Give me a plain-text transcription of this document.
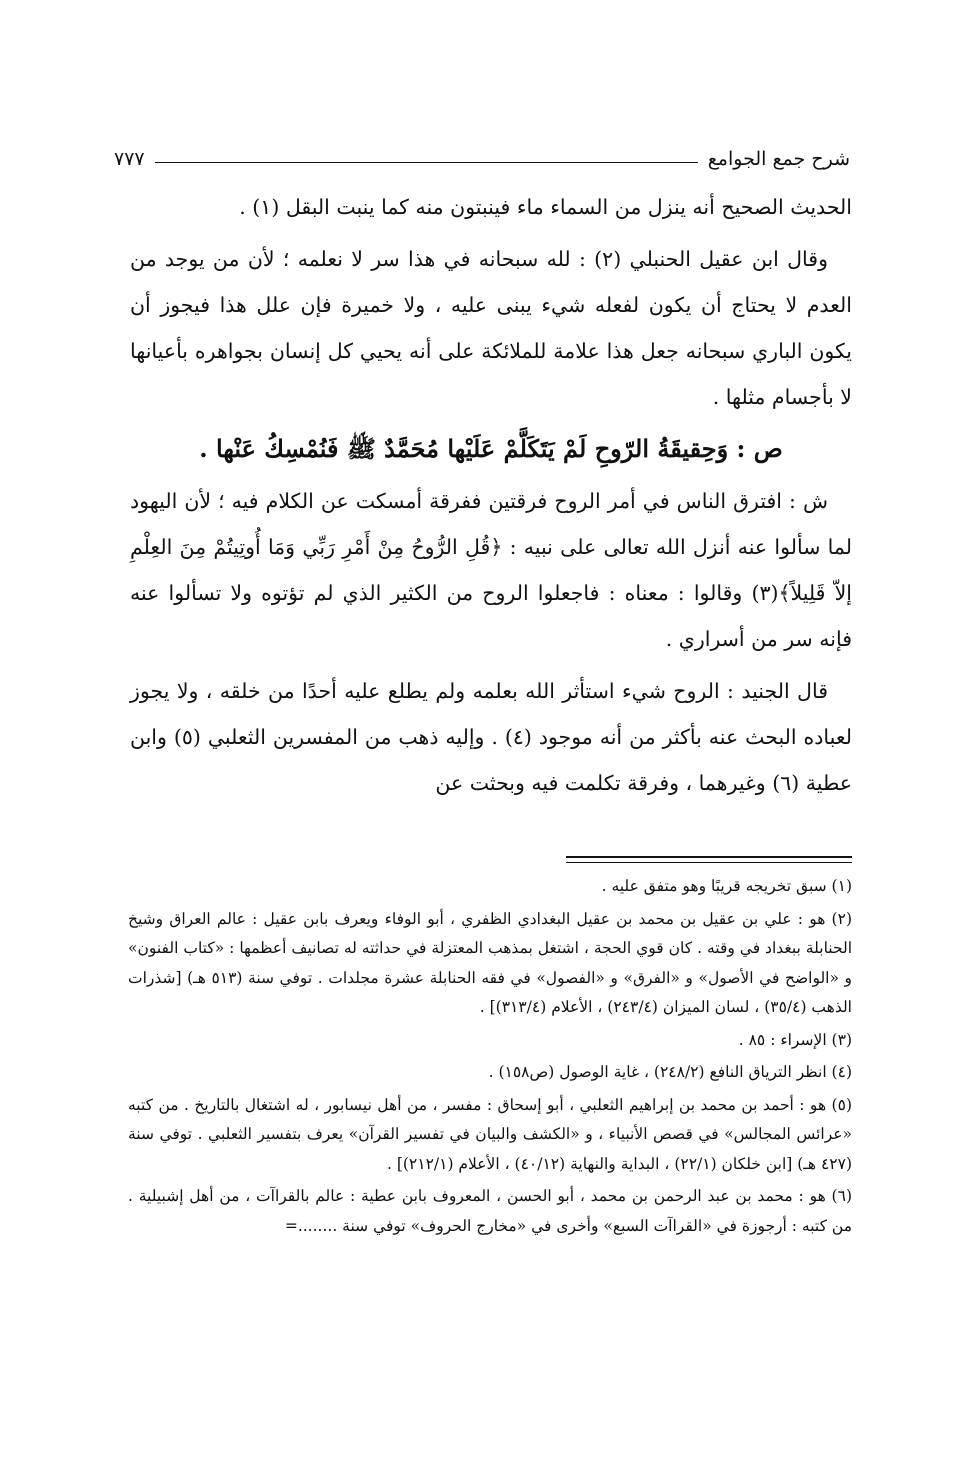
شرح جمع الجوامع
٧٧٧

الحديث الصحيح أنه ينزل من السماء ماء فينبتون منه كما ينبت البقل (١) .

وقال ابن عقيل الحنبلي (٢) : لله سبحانه في هذا سر لا نعلمه ؛ لأن من يوجد من العدم لا يحتاج أن يكون لفعله شيء يبنى عليه ، ولا خميرة فإن علل هذا فيجوز أن يكون الباري سبحانه جعل هذا علامة للملائكة على أنه يحيي كل إنسان بجواهره بأعيانها لا بأجسام مثلها .

ص : وَحِقيقَةُ الرّوحِ لَمْ يَتَكَلَّمْ عَلَيْها مُحَمَّدٌ ﷺ فَنُمْسِكُ عَنْها .

ش : افترق الناس في أمر الروح فرقتين ففرقة أمسكت عن الكلام فيه ؛ لأن اليهود لما سألوا عنه أنزل الله تعالى على نبيه : ﴿قُلِ الرُّوحُ مِنْ أَمْرِ رَبِّي وَمَا أُوتِيتُمْ مِنَ العِلْمِ إلاّ قَلِيلاً﴾(٣) وقالوا : معناه : فاجعلوا الروح من الكثير الذي لم تؤتوه ولا تسألوا عنه فإنه سر من أسراري .

قال الجنيد : الروح شيء استأثر الله بعلمه ولم يطلع عليه أحدًا من خلقه ، ولا يجوز لعباده البحث عنه بأكثر من أنه موجود (٤) . وإليه ذهب من المفسرين الثعلبي (٥) وابن عطية (٦) وغيرهما ، وفرقة تكلمت فيه وبحثت عن

(١) سبق تخريجه قريبًا وهو متفق عليه .

(٢) هو : علي بن عقيل بن محمد بن عقيل البغدادي الظفري ، أبو الوفاء ويعرف بابن عقيل : عالم العراق وشيخ الحنابلة ببغداد في وقته . كان قوي الحجة ، اشتغل بمذهب المعتزلة في حداثته له تصانيف أعظمها : «كتاب الفنون» و «الواضح في الأصول» و «الفرق» و «الفصول» في فقه الحنابلة عشرة مجلدات . توفي سنة (٥١٣ هـ) [شذرات الذهب (٣٥/٤) ، لسان الميزان (٢٤٣/٤) ، الأعلام (٣١٣/٤)] .

(٣) الإسراء : ٨٥ .

(٤) انظر الترياق النافع (٢٤٨/٢) ، غاية الوصول (ص١٥٨) .

(٥) هو : أحمد بن محمد بن إبراهيم الثعلبي ، أبو إسحاق : مفسر ، من أهل نيسابور ، له اشتغال بالتاريخ . من كتبه «عرائس المجالس» في قصص الأنبياء ، و «الكشف والبيان في تفسير القرآن» يعرف بتفسير الثعلبي . توفي سنة (٤٢٧ هـ) [ابن خلكان (٢٢/١) ، البداية والنهاية (٤٠/١٢) ، الأعلام (٢١٢/١)] .

(٦) هو : محمد بن عبد الرحمن بن محمد ، أبو الحسن ، المعروف بابن عطية : عالم بالقراآت ، من أهل إشبيلية . من كتبه : أرجوزة في «القراآت السبع» وأخرى في «مخارج الحروف» توفي سنة ........=
